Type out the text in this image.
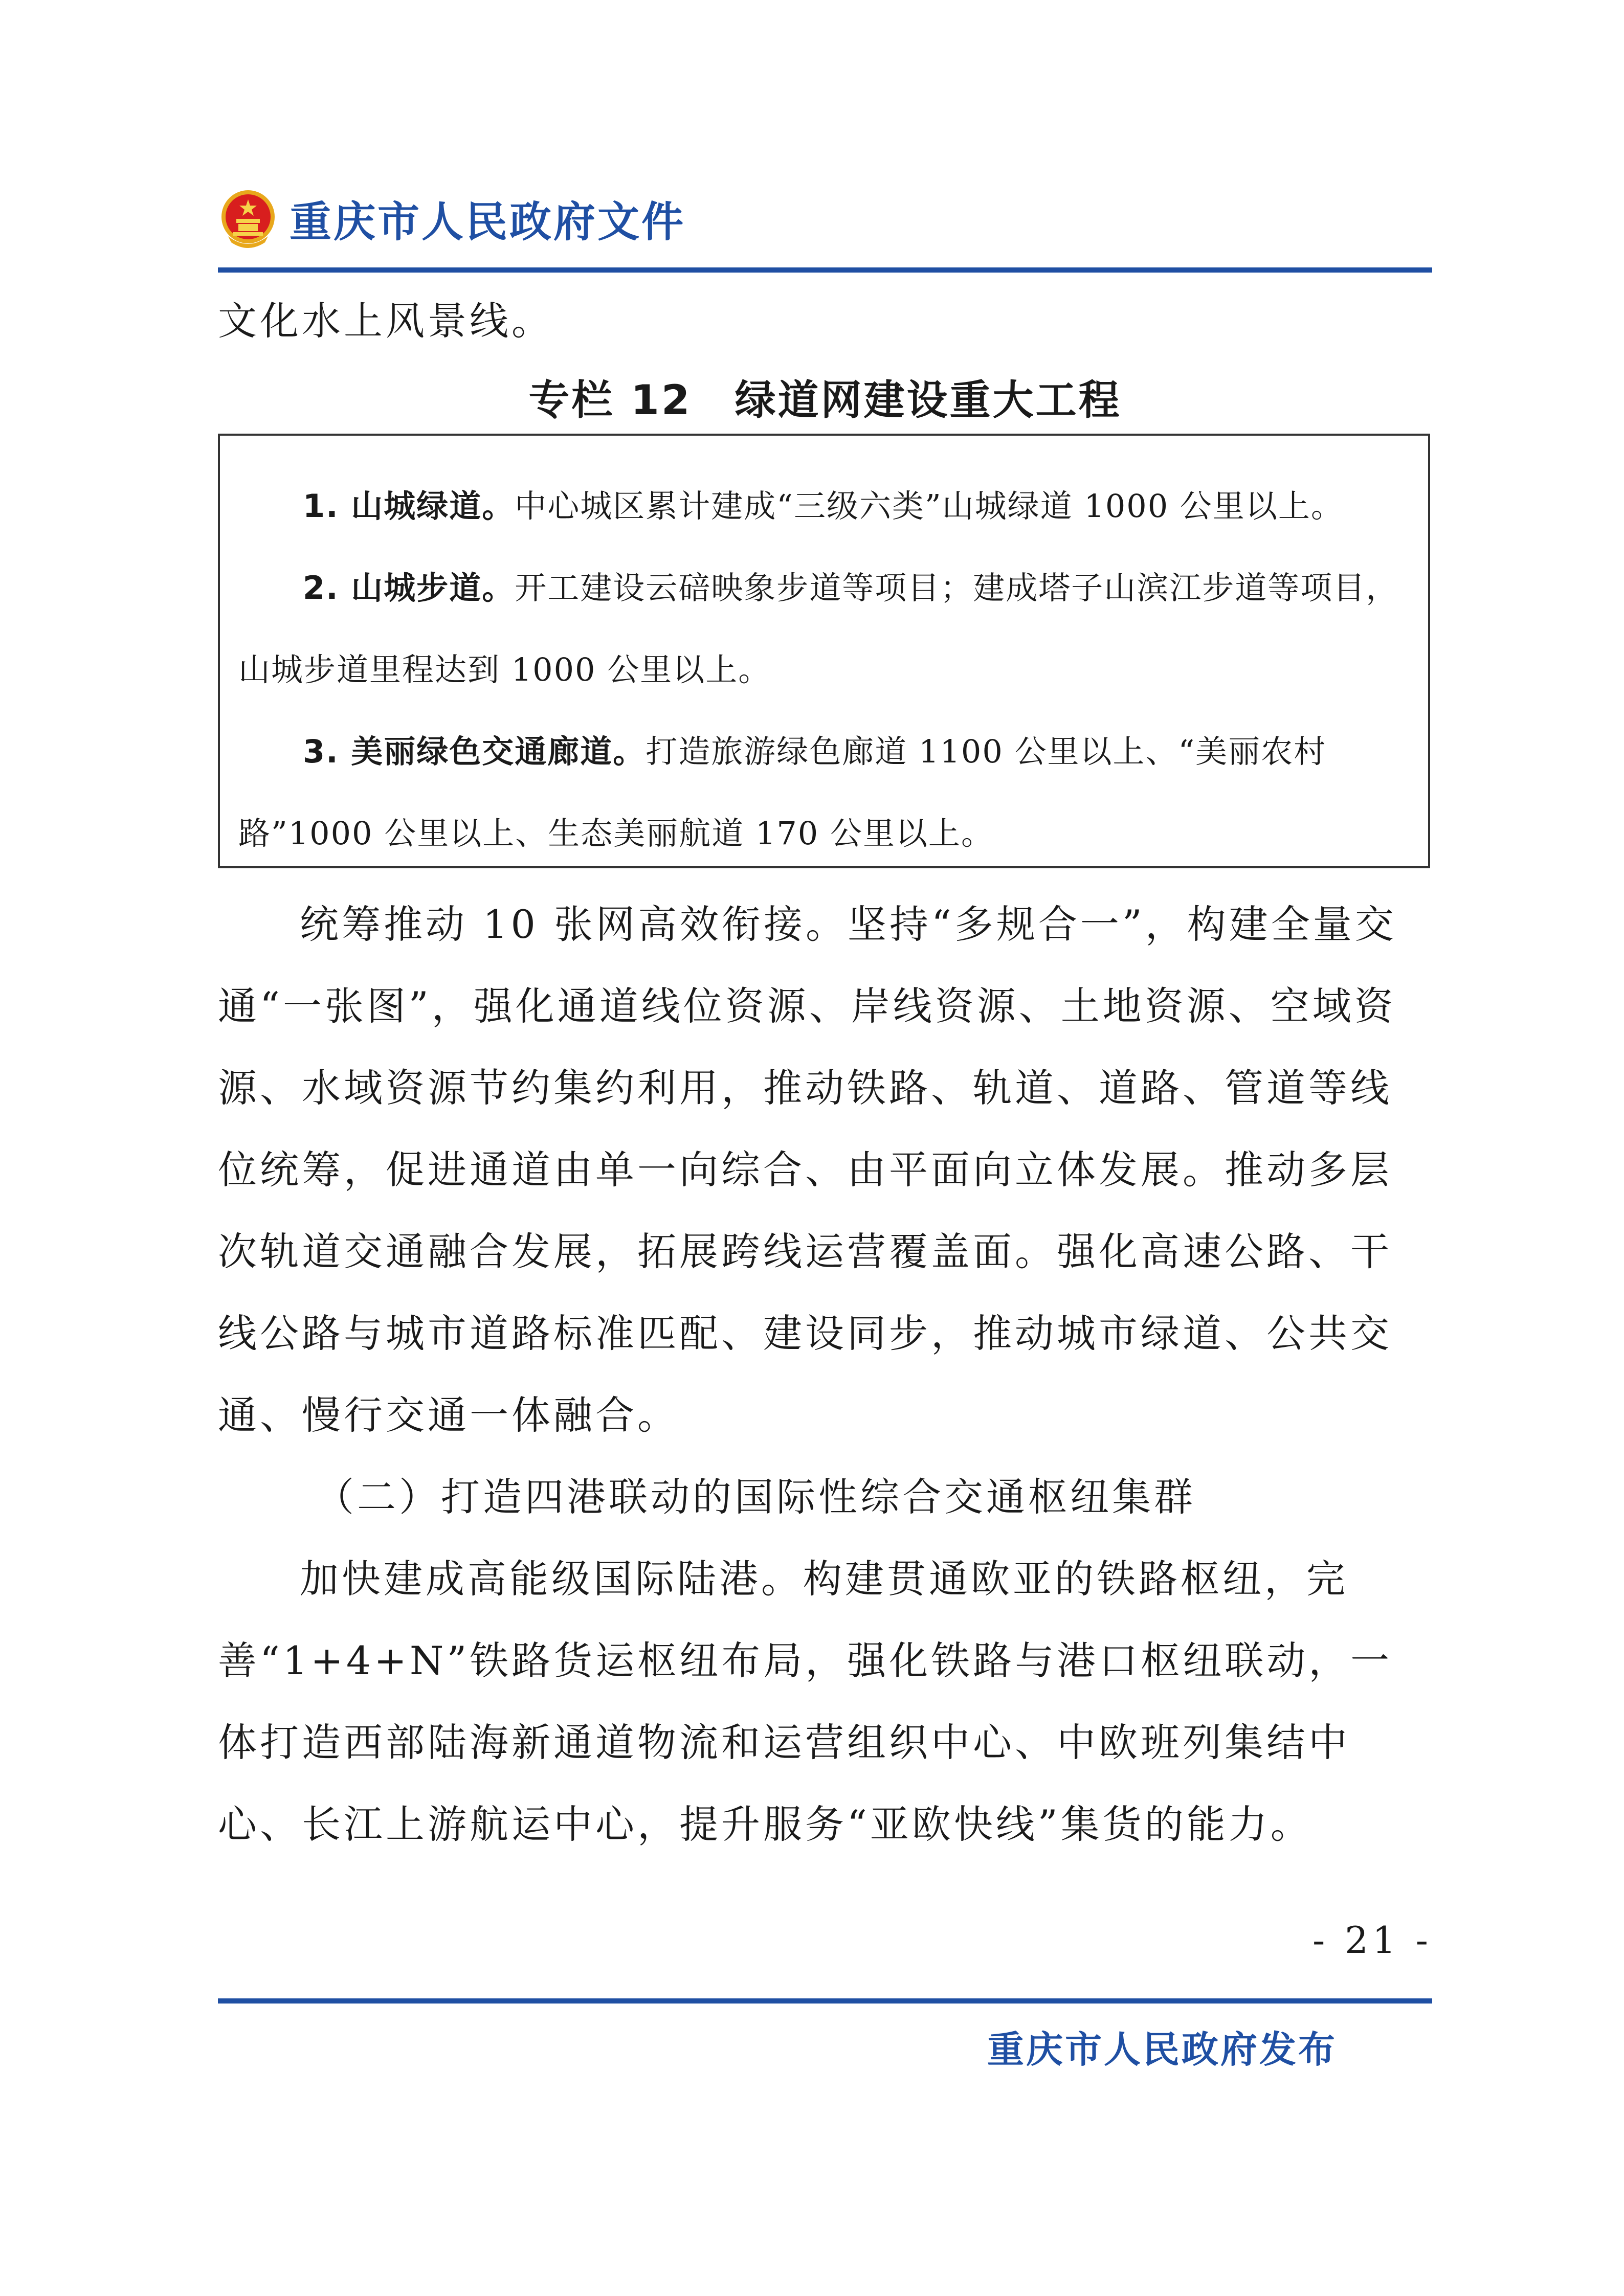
重庆市人民政府文件

文化水上风景线。

专栏 12　绿道网建设重大工程

1. 山城绿道。中心城区累计建成“三级六类”山城绿道 1000 公里以上。

2. 山城步道。开工建设云碚映象步道等项目；建成塔子山滨江步道等项目，山城步道里程达到 1000 公里以上。

3. 美丽绿色交通廊道。打造旅游绿色廊道 1100 公里以上、“美丽农村路”1000 公里以上、生态美丽航道 170 公里以上。

统筹推动 10 张网高效衔接。坚持“多规合一”，构建全量交通“一张图”，强化通道线位资源、岸线资源、土地资源、空域资源、水域资源节约集约利用，推动铁路、轨道、道路、管道等线位统筹，促进通道由单一向综合、由平面向立体发展。推动多层次轨道交通融合发展，拓展跨线运营覆盖面。强化高速公路、干线公路与城市道路标准匹配、建设同步，推动城市绿道、公共交通、慢行交通一体融合。

（二）打造四港联动的国际性综合交通枢纽集群

加快建成高能级国际陆港。构建贯通欧亚的铁路枢纽，完善“1+4+N”铁路货运枢纽布局，强化铁路与港口枢纽联动，一体打造西部陆海新通道物流和运营组织中心、中欧班列集结中心、长江上游航运中心，提升服务“亚欧快线”集货的能力。

- 21 -
重庆市人民政府发布
